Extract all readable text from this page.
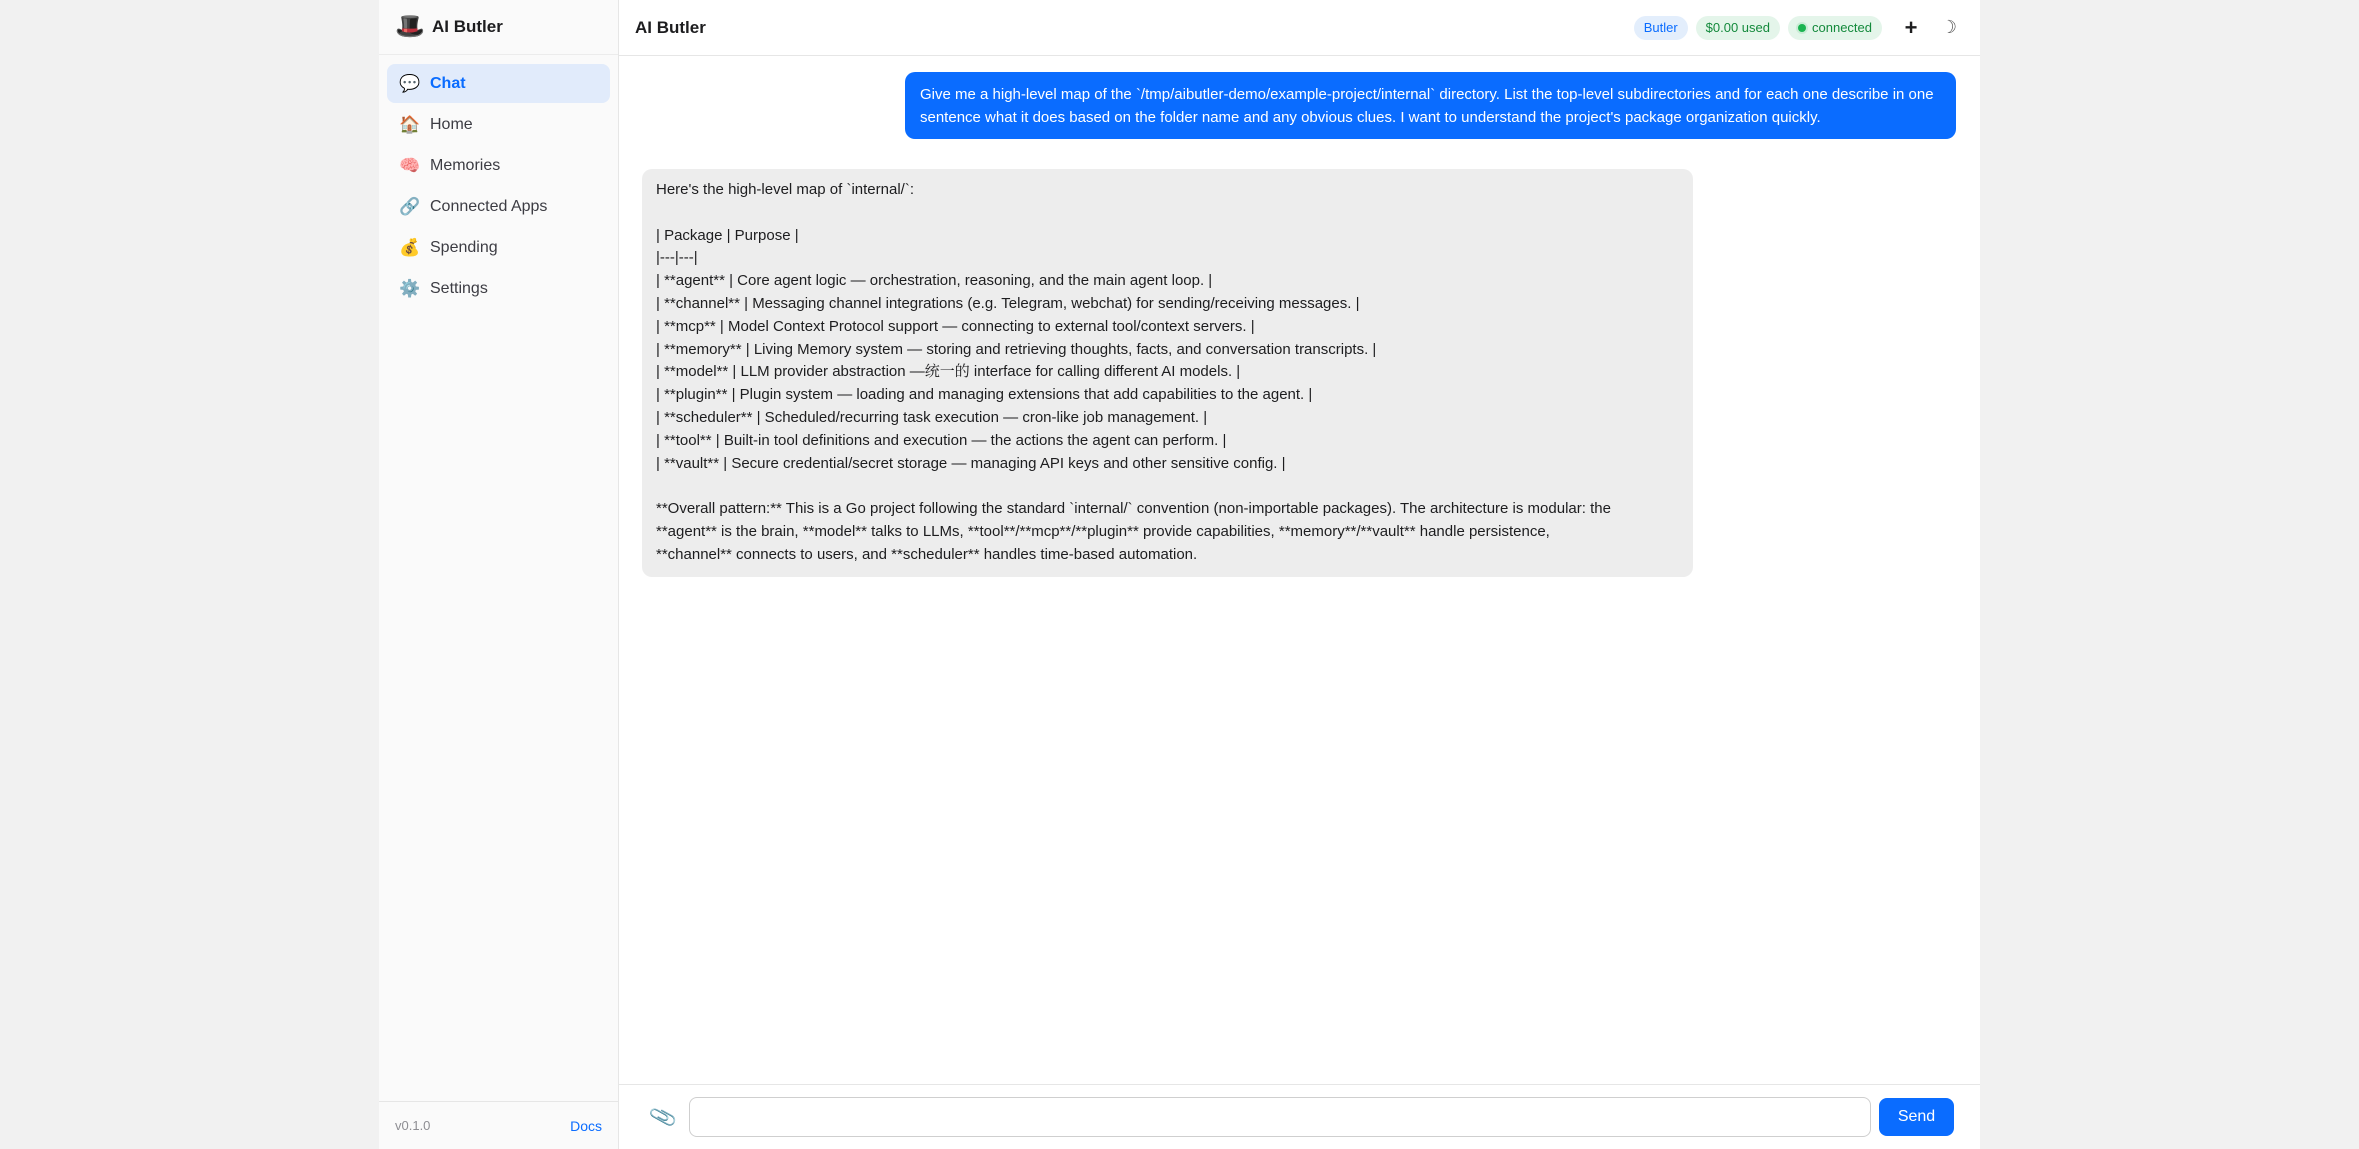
🎩 AI Butler
💬 Chat
🏠 Home
🧠 Memories
🔗 Connected Apps
💰 Spending
⚙️ Settings
v0.1.0	Docs
AI Butler	Butler	$0.00 used	connected + ☽
Give me a high-level map of the `/tmp/aibutler-demo/example-project/internal` directory. List the top-level subdirectories and for each one describe in one sentence what it does based on the folder name and any obvious clues. I want to understand the project's package organization quickly.
Here's the high-level map of `internal/`:
| Package | Purpose |
|---|---|
| **agent** | Core agent logic — orchestration, reasoning, and the main agent loop. |
| **channel** | Messaging channel integrations (e.g. Telegram, webchat) for sending/receiving messages. |
| **mcp** | Model Context Protocol support — connecting to external tool/context servers. |
| **memory** | Living Memory system — storing and retrieving thoughts, facts, and conversation transcripts. |
| **model** | LLM provider abstraction —统一的 interface for calling different AI models. |
| **plugin** | Plugin system — loading and managing extensions that add capabilities to the agent. |
| **scheduler** | Scheduled/recurring task execution — cron-like job management. |
| **tool** | Built-in tool definitions and execution — the actions the agent can perform. |
| **vault** | Secure credential/secret storage — managing API keys and other sensitive config. |
**Overall pattern:** This is a Go project following the standard `internal/` convention (non-importable packages). The architecture is modular: the
**agent** is the brain, **model** talks to LLMs, **tool**/**mcp**/**plugin** provide capabilities, **memory**/**vault** handle persistence,
**channel** connects to users, and **scheduler** handles time-based automation.
📎	Send
